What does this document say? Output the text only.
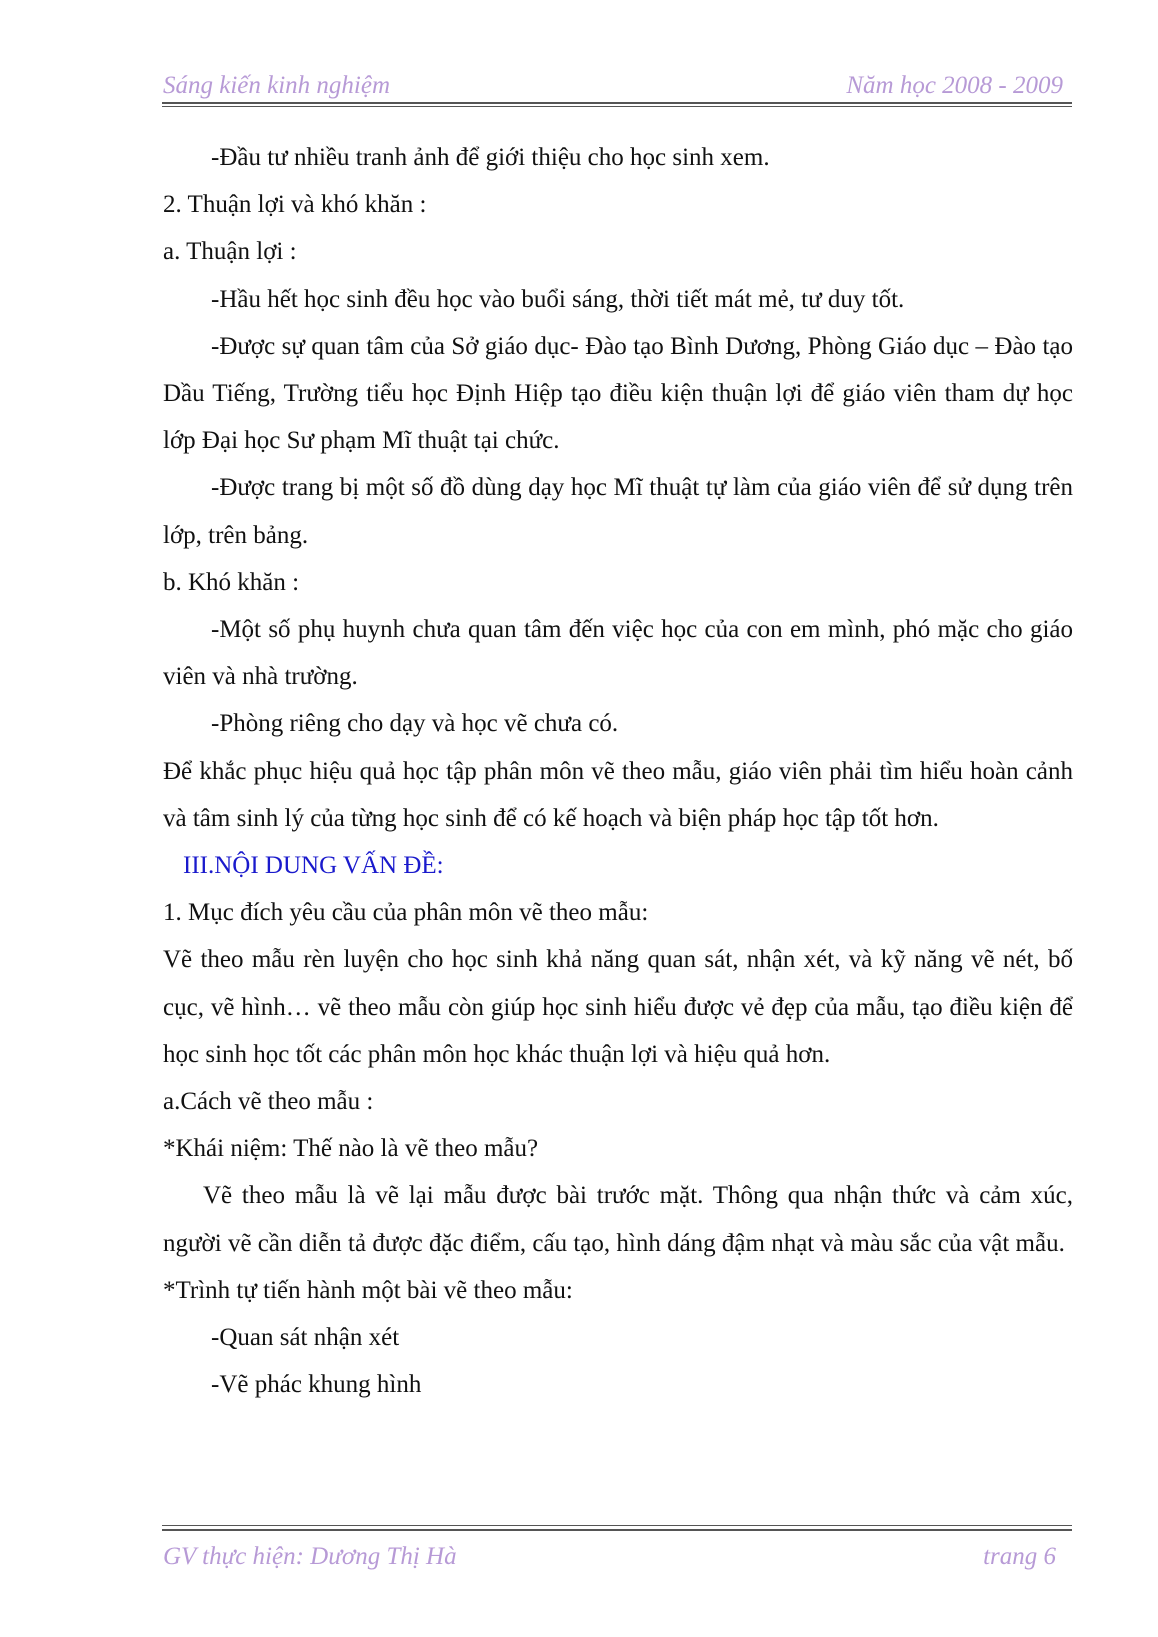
Sáng kiến kinh nghiệm	Năm học 2008 - 2009

-Đầu tư nhiều tranh ảnh để giới thiệu cho học sinh xem.

2. Thuận lợi và khó khăn :

a. Thuận lợi :

-Hầu hết học sinh đều học vào buổi sáng, thời tiết mát mẻ, tư duy tốt.

-Được sự quan tâm của Sở giáo dục- Đào tạo Bình Dương, Phòng Giáo dục – Đào tạo Dầu Tiếng, Trường tiểu học Định Hiệp tạo điều kiện thuận lợi để giáo viên tham dự học lớp Đại học Sư phạm Mĩ thuật tại chức.

-Được trang bị một số đồ dùng dạy học Mĩ thuật tự làm của giáo viên để sử dụng trên lớp, trên bảng.

b. Khó khăn :

-Một số phụ huynh chưa quan tâm đến việc học của con em mình, phó mặc cho giáo viên và nhà trường.

-Phòng riêng cho dạy và học vẽ chưa có.

Để khắc phục hiệu quả học tập phân môn vẽ theo mẫu, giáo viên phải tìm hiểu hoàn cảnh và tâm sinh lý của từng học sinh để có kế hoạch và biện pháp học tập tốt hơn.

III.NỘI DUNG VẤN ĐỀ:

1. Mục đích yêu cầu của phân môn vẽ theo mẫu:

Vẽ theo mẫu rèn luyện cho học sinh khả năng quan sát, nhận xét, và kỹ năng vẽ nét, bố cục, vẽ hình… vẽ theo mẫu còn giúp học sinh hiểu được vẻ đẹp của mẫu, tạo điều kiện để học sinh học tốt các phân môn học khác thuận lợi và hiệu quả hơn.

a.Cách vẽ theo mẫu :

*Khái niệm: Thế nào là vẽ theo mẫu?

Vẽ theo mẫu là vẽ lại mẫu được bài trước mặt. Thông qua nhận thức và cảm xúc, người vẽ cần diễn tả được đặc điểm, cấu tạo, hình dáng đậm nhạt và màu sắc của vật mẫu.

*Trình tự tiến hành một bài vẽ theo mẫu:

-Quan sát nhận xét

-Vẽ phác khung hình

GV thực hiện: Dương Thị Hà	trang 6
